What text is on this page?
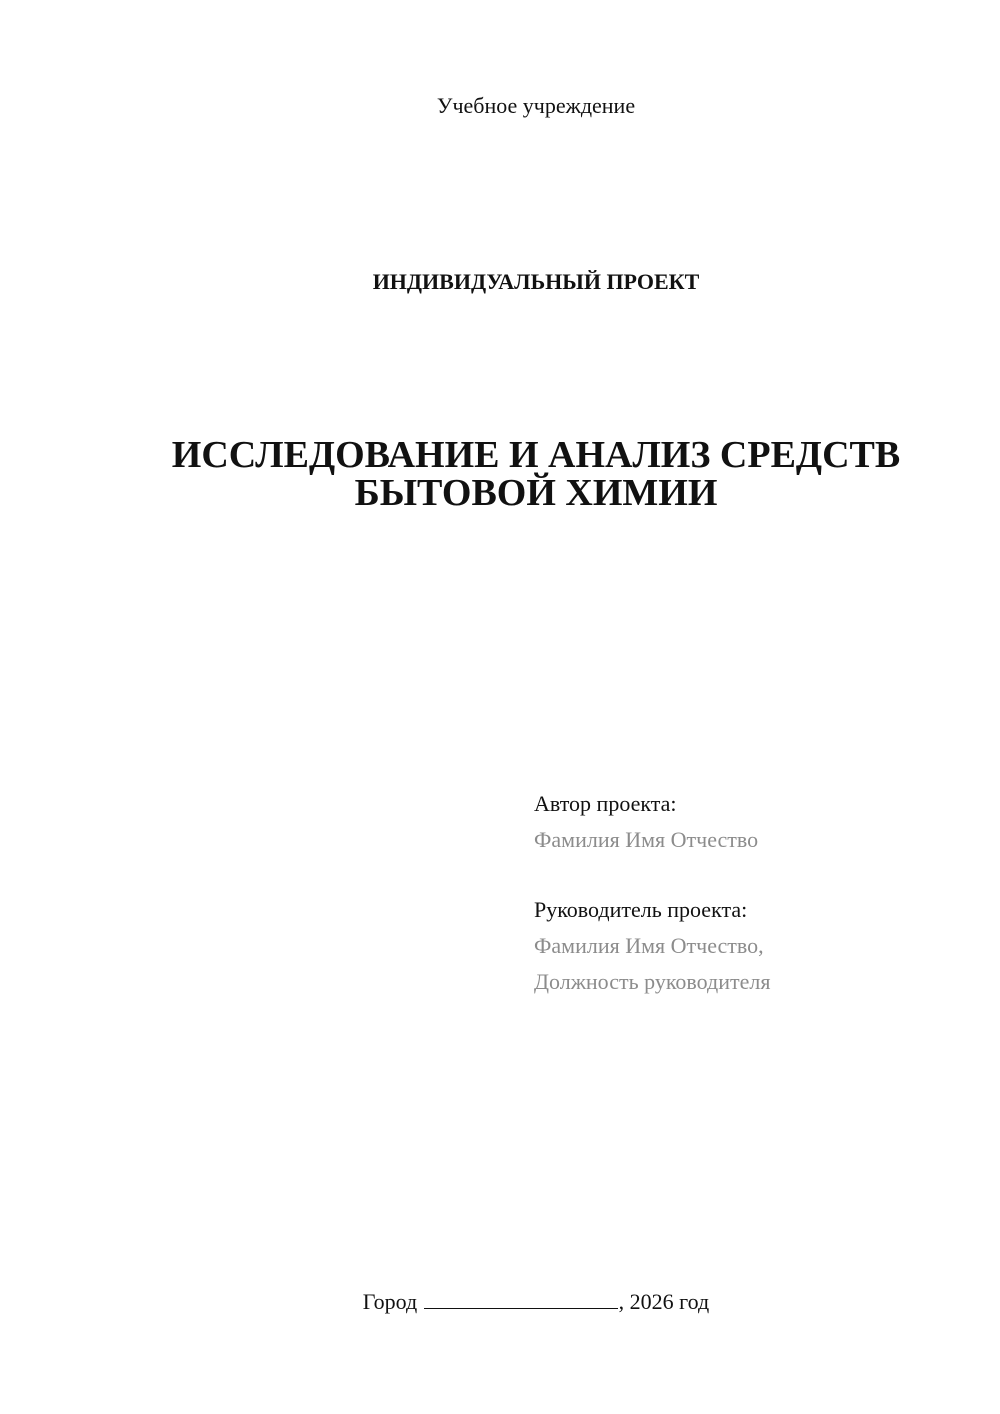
Учебное учреждение
ИНДИВИДУАЛЬНЫЙ ПРОЕКТ
ИССЛЕДОВАНИЕ И АНАЛИЗ СРЕДСТВ
БЫТОВОЙ ХИМИИ
Автор проекта:
Фамилия Имя Отчество
Руководитель проекта:
Фамилия Имя Отчество,
Должность руководителя
Город	, 2026 год
